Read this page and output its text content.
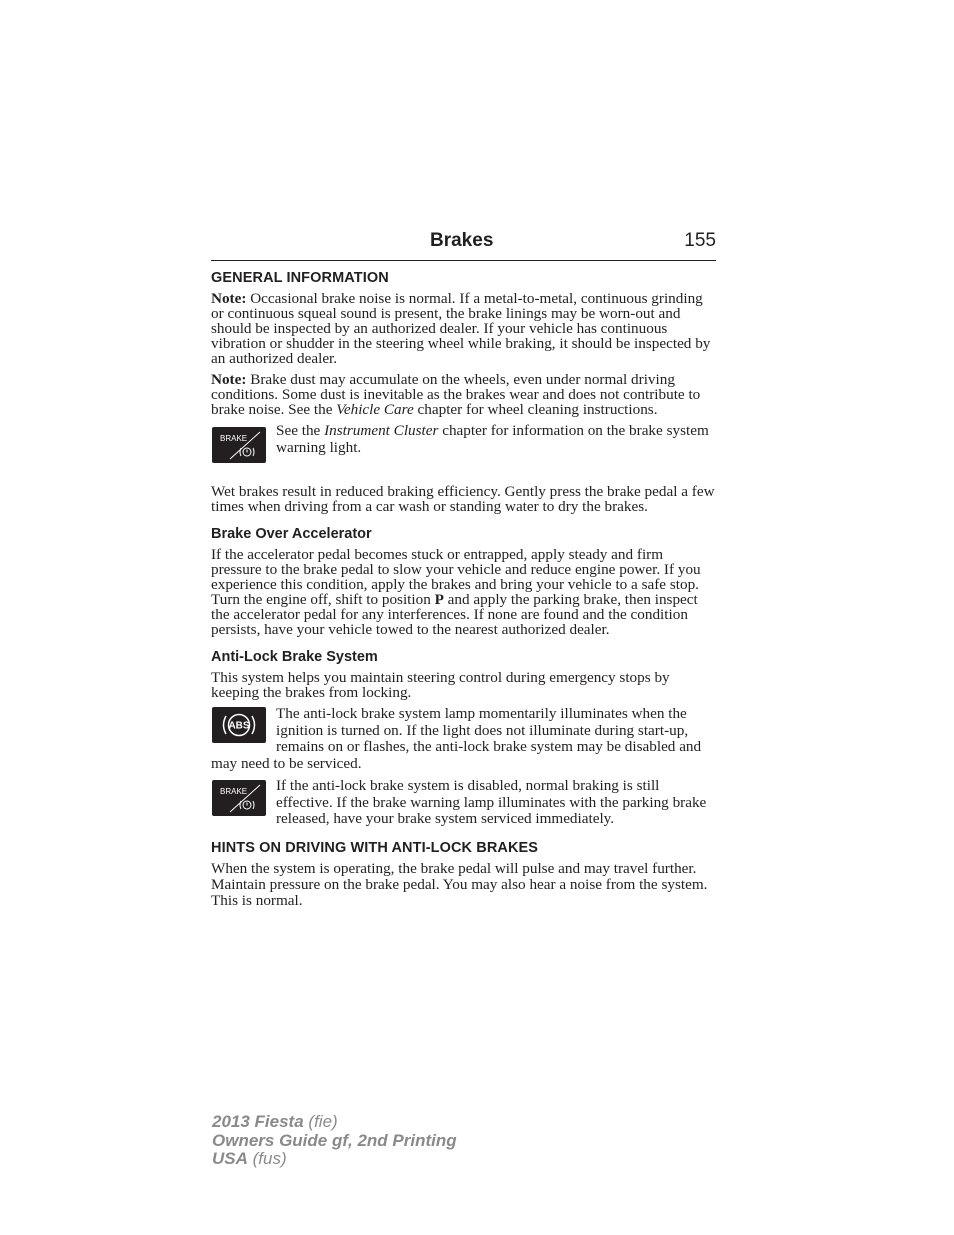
Brakes	155
GENERAL INFORMATION

Note: Occasional brake noise is normal. If a metal-to-metal, continuous grinding or continuous squeal sound is present, the brake linings may be worn-out and should be inspected by an authorized dealer. If your vehicle has continuous vibration or shudder in the steering wheel while braking, it should be inspected by an authorized dealer.

Note: Brake dust may accumulate on the wheels, even under normal driving conditions. Some dust is inevitable as the brakes wear and does not contribute to brake noise. See the Vehicle Care chapter for wheel cleaning instructions.

BRAKE	See the Instrument Cluster chapter for information on the brake system warning light.

Wet brakes result in reduced braking efficiency. Gently press the brake pedal a few times when driving from a car wash or standing water to dry the brakes.

Brake Over Accelerator

If the accelerator pedal becomes stuck or entrapped, apply steady and firm pressure to the brake pedal to slow your vehicle and reduce engine power. If you experience this condition, apply the brakes and bring your vehicle to a safe stop. Turn the engine off, shift to position P and apply the parking brake, then inspect the accelerator pedal for any interferences. If none are found and the condition persists, have your vehicle towed to the nearest authorized dealer.

Anti-Lock Brake System

This system helps you maintain steering control during emergency stops by keeping the brakes from locking.

ABS
The anti-lock brake system lamp momentarily illuminates when the ignition is turned on. If the light does not illuminate during start-up, remains on or flashes, the anti-lock brake system may be disabled and may need to be serviced.
BRAKE	If the anti-lock brake system is disabled, normal braking is still effective. If the brake warning lamp illuminates with the parking brake released, have your brake system serviced immediately.
HINTS ON DRIVING WITH ANTI-LOCK BRAKES

When the system is operating, the brake pedal will pulse and may travel further. Maintain pressure on the brake pedal. You may also hear a noise from the system. This is normal.

2013 Fiesta (fie)
Owners Guide gf, 2nd Printing
USA (fus)
